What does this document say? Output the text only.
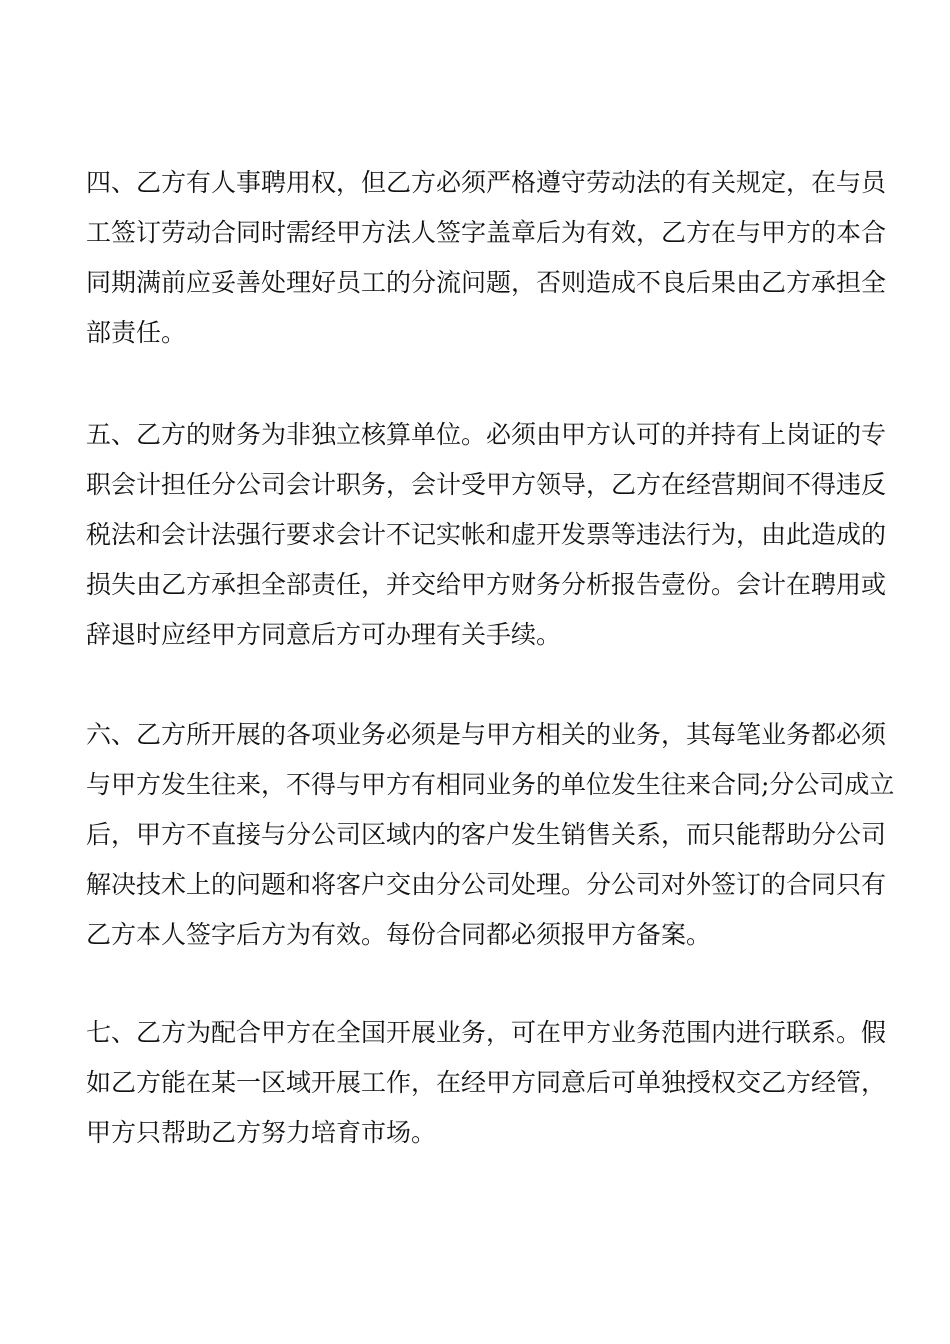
四、乙方有人事聘用权，但乙方必须严格遵守劳动法的有关规定，在与员
工签订劳动合同时需经甲方法人签字盖章后为有效，乙方在与甲方的本合
同期满前应妥善处理好员工的分流问题，否则造成不良后果由乙方承担全
部责任。

五、乙方的财务为非独立核算单位。必须由甲方认可的并持有上岗证的专
职会计担任分公司会计职务，会计受甲方领导，乙方在经营期间不得违反
税法和会计法强行要求会计不记实帐和虚开发票等违法行为，由此造成的
损失由乙方承担全部责任，并交给甲方财务分析报告壹份。会计在聘用或
辞退时应经甲方同意后方可办理有关手续。

六、乙方所开展的各项业务必须是与甲方相关的业务，其每笔业务都必须
与甲方发生往来，不得与甲方有相同业务的单位发生往来合同;分公司成立
后，甲方不直接与分公司区域内的客户发生销售关系，而只能帮助分公司
解决技术上的问题和将客户交由分公司处理。分公司对外签订的合同只有
乙方本人签字后方为有效。每份合同都必须报甲方备案。

七、乙方为配合甲方在全国开展业务，可在甲方业务范围内进行联系。假
如乙方能在某一区域开展工作，在经甲方同意后可单独授权交乙方经管，
甲方只帮助乙方努力培育市场。
